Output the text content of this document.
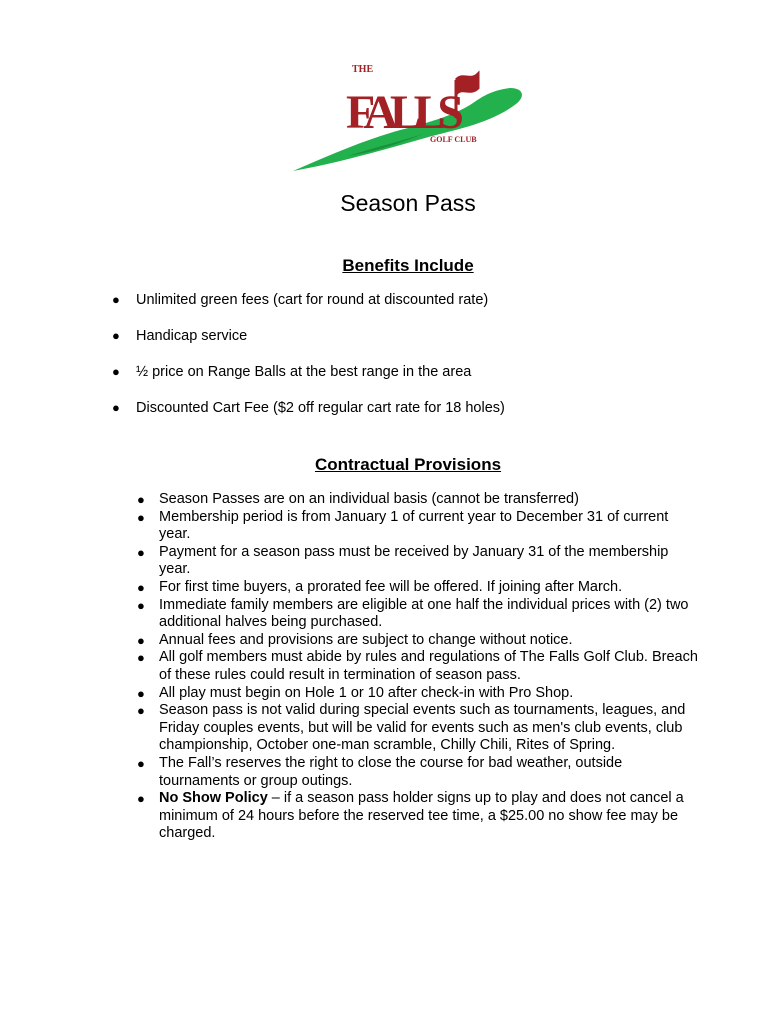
THE
FALLS
GOLF CLUB
Season Pass
Benefits Include
● Unlimited green fees (cart for round at discounted rate)
● Handicap service
● ½ price on Range Balls at the best range in the area
● Discounted Cart Fee ($2 off regular cart rate for 18 holes)
Contractual Provisions
● Season Passes are on an individual basis (cannot be transferred)
● Membership period is from January 1 of current year to December 31 of current year.
● Payment for a season pass must be received by January 31 of the membership year.
● For first time buyers, a prorated fee will be offered. If joining after March.
● Immediate family members are eligible at one half the individual prices with (2) two additional halves being purchased.
● Annual fees and provisions are subject to change without notice.
● All golf members must abide by rules and regulations of The Falls Golf Club. Breach of these rules could result in termination of season pass.
● All play must begin on Hole 1 or 10 after check-in with Pro Shop.
● Season pass is not valid during special events such as tournaments, leagues, and Friday couples events, but will be valid for events such as men's club events, club championship, October one-man scramble, Chilly Chili, Rites of Spring.
● The Fall’s reserves the right to close the course for bad weather, outside tournaments or group outings.
● No Show Policy – if a season pass holder signs up to play and does not cancel a minimum of 24 hours before the reserved tee time, a $25.00 no show fee may be charged.
